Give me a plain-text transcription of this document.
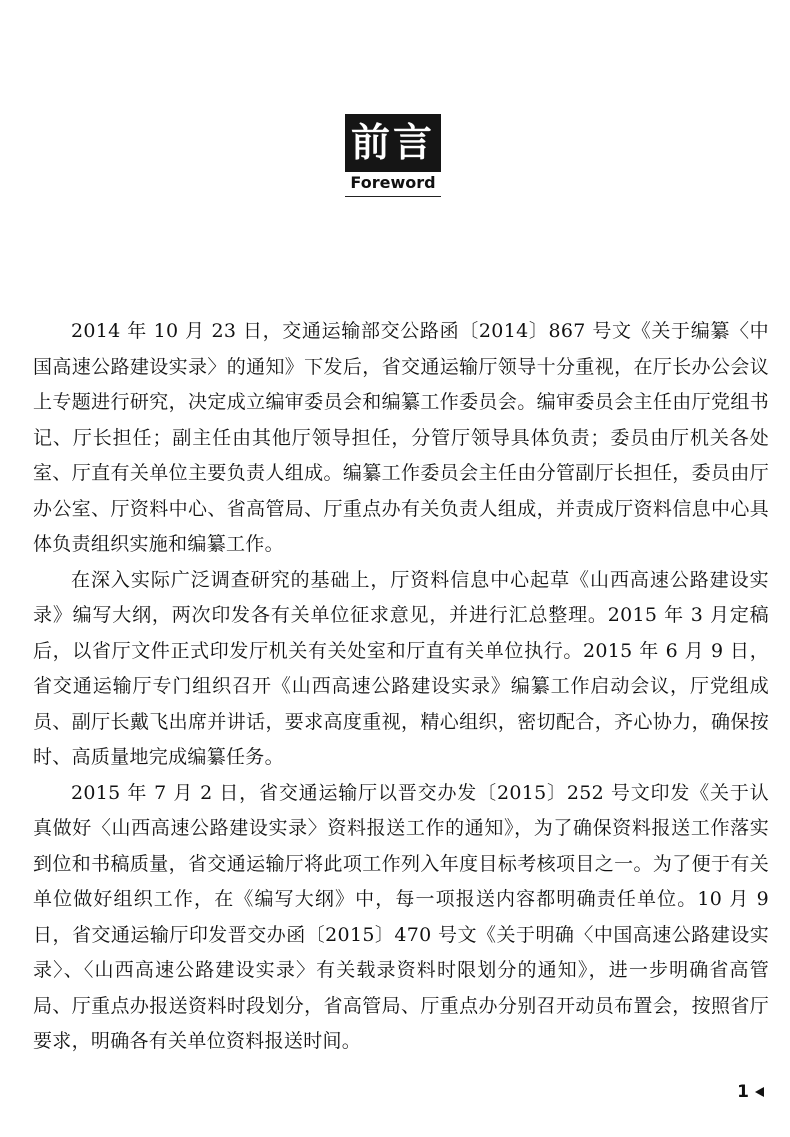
前言
Foreword

2014 年 10 月 23 日，交通运输部交公路函〔2014〕867 号文《关于编纂〈中国高速公路建设实录〉的通知》下发后，省交通运输厅领导十分重视，在厅长办公会议上专题进行研究，决定成立编审委员会和编纂工作委员会。编审委员会主任由厅党组书记、厅长担任；副主任由其他厅领导担任，分管厅领导具体负责；委员由厅机关各处室、厅直有关单位主要负责人组成。编纂工作委员会主任由分管副厅长担任，委员由厅办公室、厅资料中心、省高管局、厅重点办有关负责人组成，并责成厅资料信息中心具体负责组织实施和编纂工作。

在深入实际广泛调查研究的基础上，厅资料信息中心起草《山西高速公路建设实录》编写大纲，两次印发各有关单位征求意见，并进行汇总整理。2015 年 3 月定稿后，以省厅文件正式印发厅机关有关处室和厅直有关单位执行。2015 年 6 月 9 日，省交通运输厅专门组织召开《山西高速公路建设实录》编纂工作启动会议，厅党组成员、副厅长戴飞出席并讲话，要求高度重视，精心组织，密切配合，齐心协力，确保按时、高质量地完成编纂任务。

2015 年 7 月 2 日，省交通运输厅以晋交办发〔2015〕252 号文印发《关于认真做好〈山西高速公路建设实录〉资料报送工作的通知》，为了确保资料报送工作落实到位和书稿质量，省交通运输厅将此项工作列入年度目标考核项目之一。为了便于有关单位做好组织工作，在《编写大纲》中，每一项报送内容都明确责任单位。10 月 9 日，省交通运输厅印发晋交办函〔2015〕470 号文《关于明确〈中国高速公路建设实录〉、〈山西高速公路建设实录〉有关载录资料时限划分的通知》，进一步明确省高管局、厅重点办报送资料时段划分，省高管局、厅重点办分别召开动员布置会，按照省厅要求，明确各有关单位资料报送时间。

1
